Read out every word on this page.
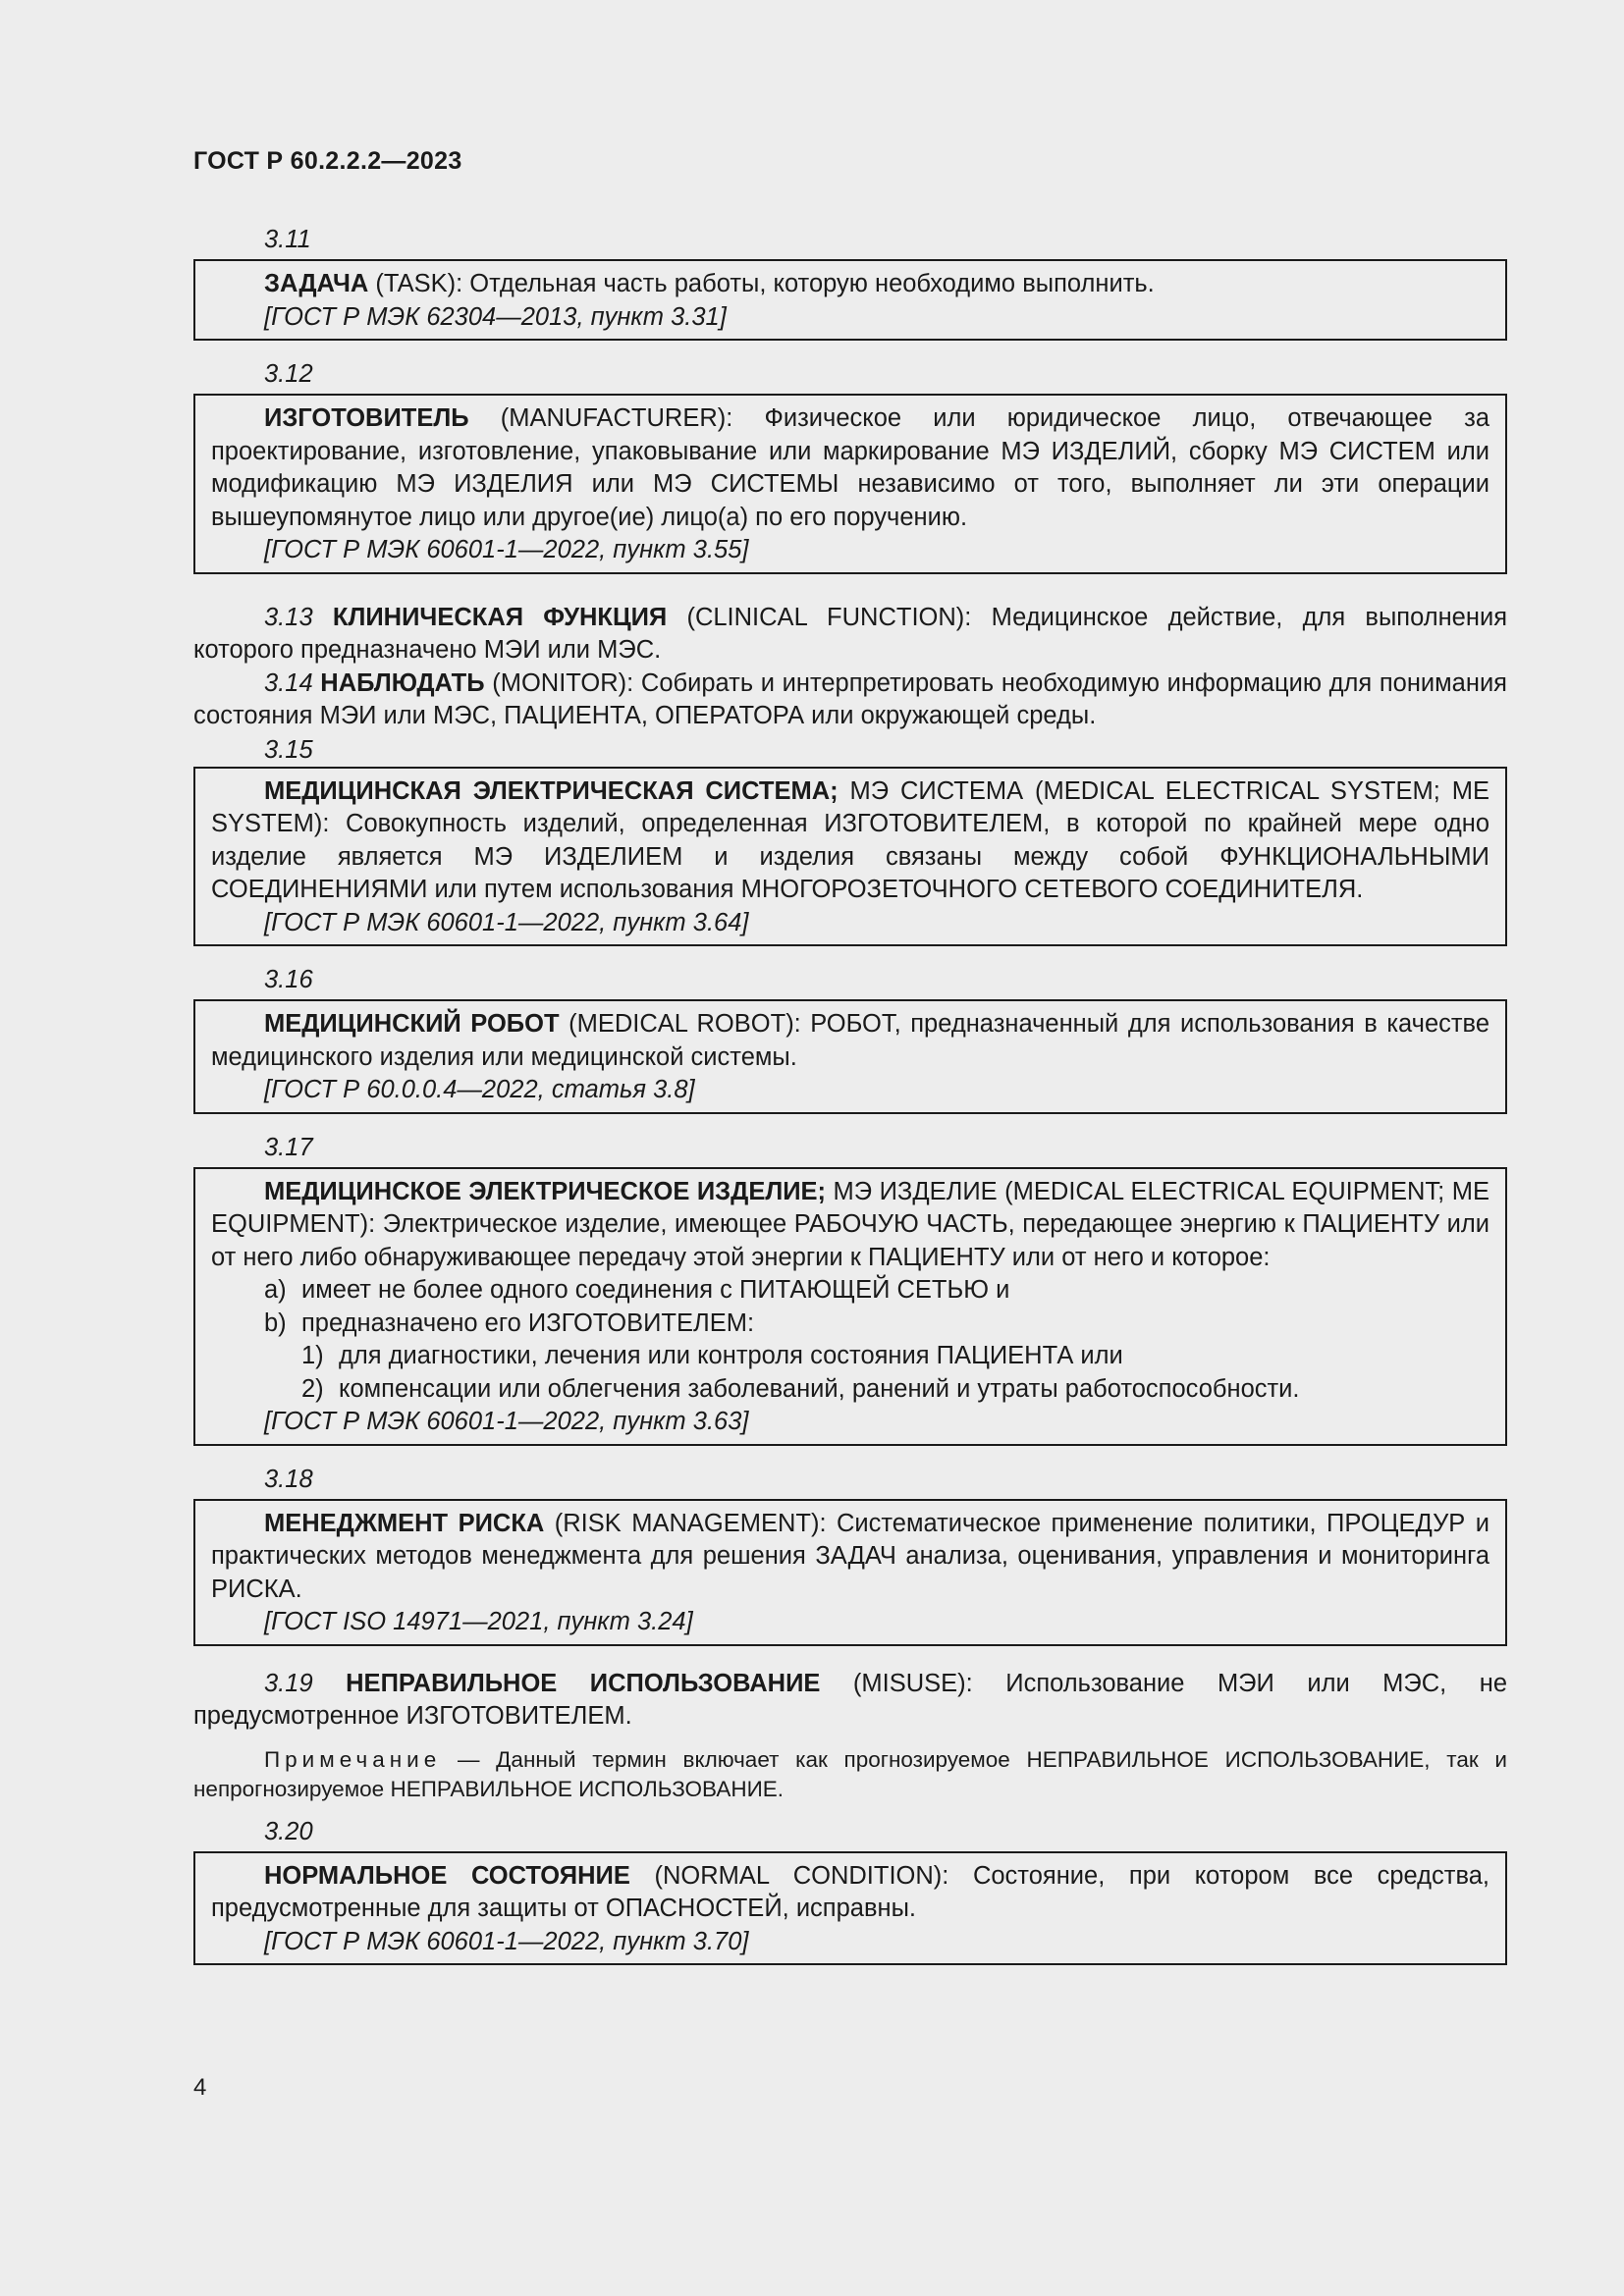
ГОСТ Р 60.2.2.2—2023
3.11

ЗАДАЧА (TASK): Отдельная часть работы, которую необходимо выполнить.

[ГОСТ Р МЭК 62304—2013, пункт 3.31]
3.12

ИЗГОТОВИТЕЛЬ (MANUFACTURER): Физическое или юридическое лицо, отвечающее за проектирование, изготовление, упаковывание или маркирование МЭ ИЗДЕЛИЙ, сборку МЭ СИСТЕМ или модификацию МЭ ИЗДЕЛИЯ или МЭ СИСТЕМЫ независимо от того, выполняет ли эти операции вышеупомянутое лицо или другое(ие) лицо(а) по его поручению.

[ГОСТ Р МЭК 60601-1—2022, пункт 3.55]

3.13 КЛИНИЧЕСКАЯ ФУНКЦИЯ (CLINICAL FUNCTION): Медицинское действие, для выполнения которого предназначено МЭИ или МЭС.

3.14 НАБЛЮДАТЬ (MONITOR): Собирать и интерпретировать необходимую информацию для понимания состояния МЭИ или МЭС, ПАЦИЕНТА, ОПЕРАТОРА или окружающей среды.

3.15

МЕДИЦИНСКАЯ ЭЛЕКТРИЧЕСКАЯ СИСТЕМА; МЭ СИСТЕМА (MEDICAL ELECTRICAL SYSTEM; ME SYSTEM): Совокупность изделий, определенная ИЗГОТОВИТЕЛЕМ, в которой по крайней мере одно изделие является МЭ ИЗДЕЛИЕМ и изделия связаны между собой ФУНКЦИОНАЛЬНЫМИ СОЕДИНЕНИЯМИ или путем использования МНОГОРОЗЕТОЧНОГО СЕТЕВОГО СОЕДИНИТЕЛЯ.

[ГОСТ Р МЭК 60601-1—2022, пункт 3.64]
3.16

МЕДИЦИНСКИЙ РОБОТ (MEDICAL ROBOT): РОБОТ, предназначенный для использования в качестве медицинского изделия или медицинской системы.

[ГОСТ Р 60.0.0.4—2022, статья 3.8]
3.17

МЕДИЦИНСКОЕ ЭЛЕКТРИЧЕСКОЕ ИЗДЕЛИЕ; МЭ ИЗДЕЛИЕ (MEDICAL ELECTRICAL EQUIPMENT; ME EQUIPMENT): Электрическое изделие, имеющее РАБОЧУЮ ЧАСТЬ, передающее энергию к ПАЦИЕНТУ или от него либо обнаруживающее передачу этой энергии к ПАЦИЕНТУ или от него и которое:

a) имеет не более одного соединения с ПИТАЮЩЕЙ СЕТЬЮ и
b) предназначено его ИЗГОТОВИТЕЛЕМ:
1) для диагностики, лечения или контроля состояния ПАЦИЕНТА или
2) компенсации или облегчения заболеваний, ранений и утраты работоспособности.
[ГОСТ Р МЭК 60601-1—2022, пункт 3.63]
3.18

МЕНЕДЖМЕНТ РИСКА (RISK MANAGEMENT): Систематическое применение политики, ПРОЦЕДУР и практических методов менеджмента для решения ЗАДАЧ анализа, оценивания, управления и мониторинга РИСКА.

[ГОСТ ISO 14971—2021, пункт 3.24]

3.19 НЕПРАВИЛЬНОЕ ИСПОЛЬЗОВАНИЕ (MISUSE): Использование МЭИ или МЭС, не предусмотренное ИЗГОТОВИТЕЛЕМ.

Примечание — Данный термин включает как прогнозируемое НЕПРАВИЛЬНОЕ ИСПОЛЬЗОВАНИЕ, так и непрогнозируемое НЕПРАВИЛЬНОЕ ИСПОЛЬЗОВАНИЕ.

3.20

НОРМАЛЬНОЕ СОСТОЯНИЕ (NORMAL CONDITION): Состояние, при котором все средства, предусмотренные для защиты от ОПАСНОСТЕЙ, исправны.

[ГОСТ Р МЭК 60601-1—2022, пункт 3.70]
4
